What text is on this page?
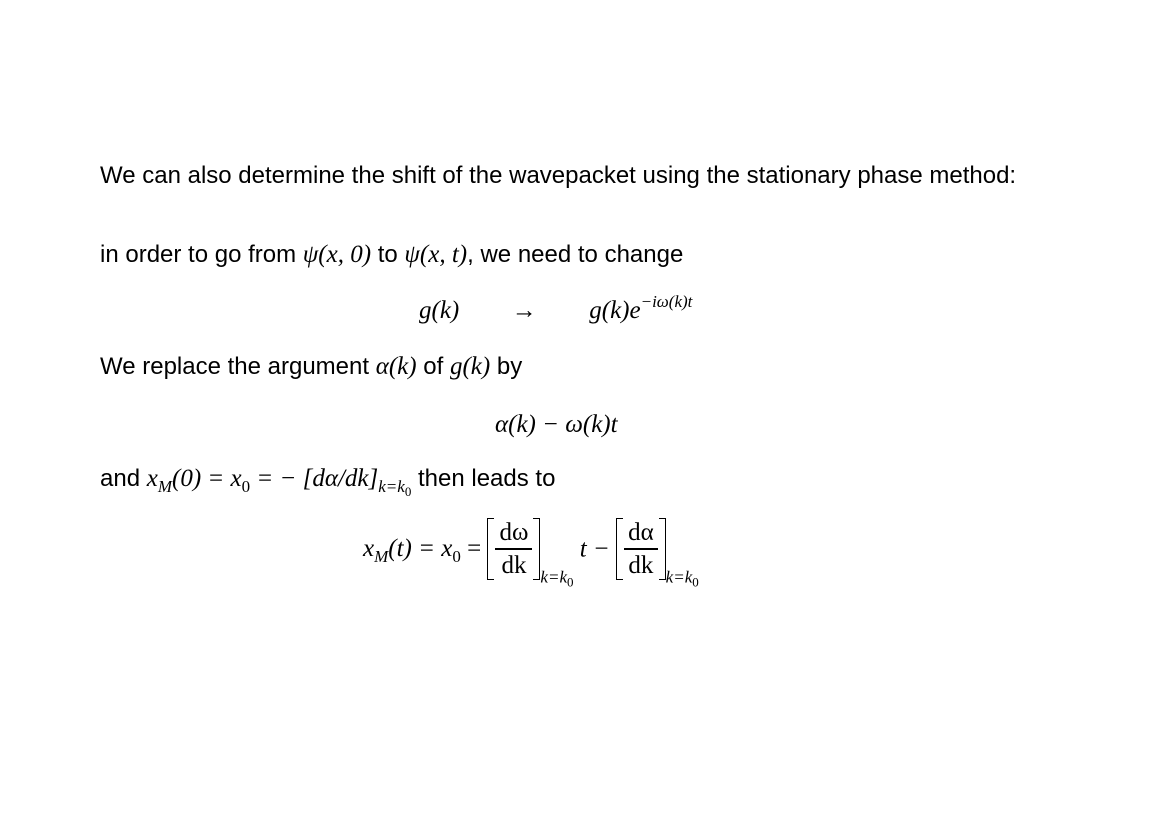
We can also determine the shift of the wavepacket using the stationary phase method:
in order to go from ψ(x, 0) to ψ(x, t), we need to change
$g(k) \to g(k)e^{-i\omega(k)t}$
We replace the argument α(k) of g(k) by
α(k) − ω(k)t
and $x_M(0) = x_0$ = − $[d\alpha/dk]_{k=k0}$ then leads to
$x_M(t) = x_0 = \frac{d\omega}{dk} _{k=k0}$ $t - \frac{d\alpha}{dk} _{k=k0}$
